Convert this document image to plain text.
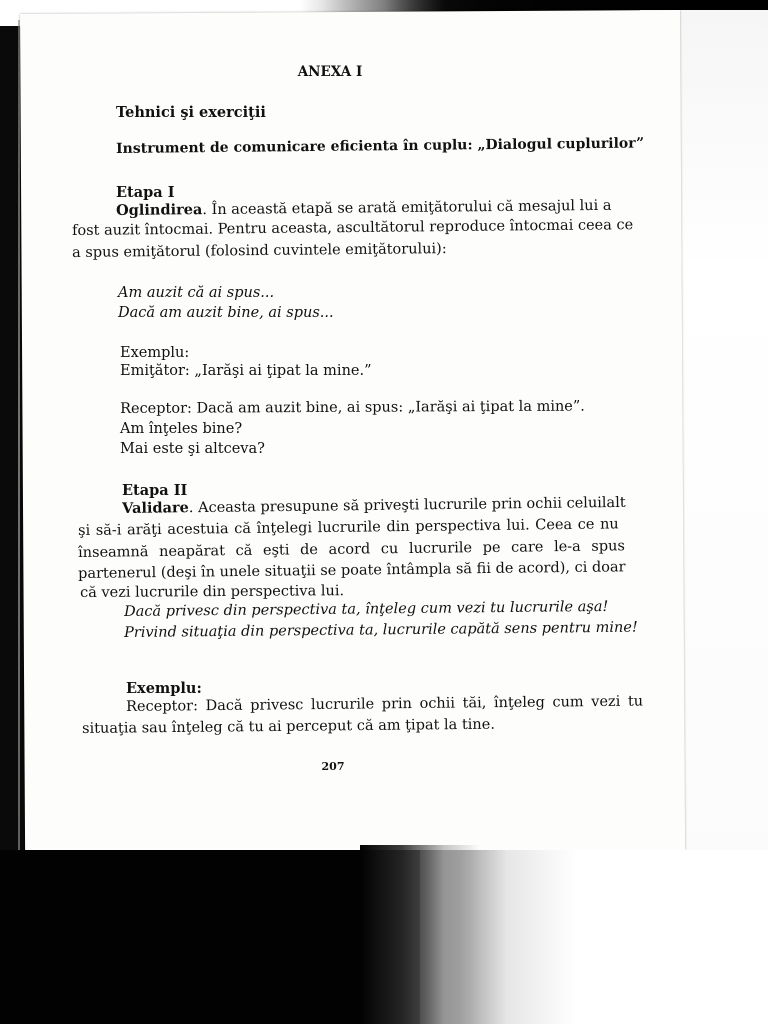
ANEXA I
Tehnici şi exerciţii
Instrument de comunicare eficienta în cuplu: „Dialogul cuplurilor”
Etapa I
Oglindirea. În această etapă se arată emiţătorului că mesajul lui a
fost auzit întocmai. Pentru aceasta, ascultătorul reproduce întocmai ceea ce
a spus emiţătorul (folosind cuvintele emiţătorului):
Am auzit că ai spus...
Dacă am auzit bine, ai spus...
Exemplu:
Emiţător: „Iarăşi ai ţipat la mine.”
Receptor: Dacă am auzit bine, ai spus: „Iarăşi ai ţipat la mine”.
Am înţeles bine?
Mai este şi altceva?
Etapa II
Validare. Aceasta presupune să priveşti lucrurile prin ochii celuilalt
şi să-i arăţi acestuia că înţelegi lucrurile din perspectiva lui. Ceea ce nu
înseamnă neapărat că eşti de acord cu lucrurile pe care le-a spus
partenerul (deşi în unele situaţii se poate întâmpla să fii de acord), ci doar
că vezi lucrurile din perspectiva lui.
Dacă privesc din perspectiva ta, înţeleg cum vezi tu lucrurile aşa!
Privind situaţia din perspectiva ta, lucrurile capătă sens pentru mine!
Exemplu:
Receptor: Dacă privesc lucrurile prin ochii tăi, înţeleg cum vezi tu
situaţia sau înţeleg că tu ai perceput că am ţipat la tine.
207
